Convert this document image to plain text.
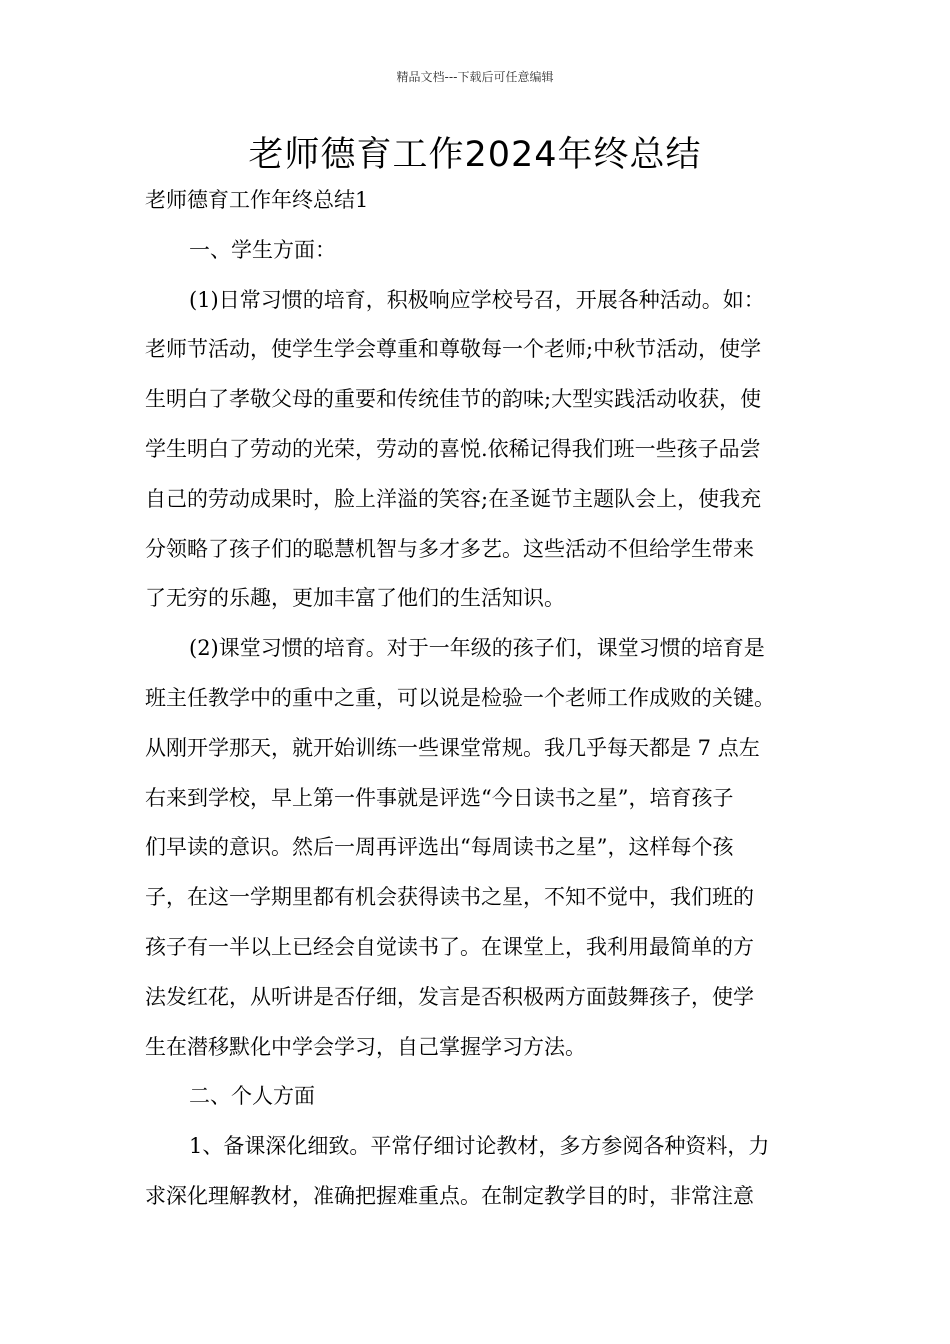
精品文档---下载后可任意编辑
老师德育工作2024年终总结

老师德育工作年终总结1

一、学生方面：

(1)日常习惯的培育，积极响应学校号召，开展各种活动。如：

老师节活动，使学生学会尊重和尊敬每一个老师;中秋节活动，使学

生明白了孝敬父母的重要和传统佳节的韵味;大型实践活动收获，使

学生明白了劳动的光荣，劳动的喜悦.依稀记得我们班一些孩子品尝

自己的劳动成果时，脸上洋溢的笑容;在圣诞节主题队会上，使我充

分领略了孩子们的聪慧机智与多才多艺。这些活动不但给学生带来

了无穷的乐趣，更加丰富了他们的生活知识。

(2)课堂习惯的培育。对于一年级的孩子们，课堂习惯的培育是

班主任教学中的重中之重，可以说是检验一个老师工作成败的关键。

从刚开学那天，就开始训练一些课堂常规。我几乎每天都是 7 点左

右来到学校，早上第一件事就是评选“今日读书之星”，培育孩子

们早读的意识。然后一周再评选出“每周读书之星”，这样每个孩

子，在这一学期里都有机会获得读书之星，不知不觉中，我们班的

孩子有一半以上已经会自觉读书了。在课堂上，我利用最简单的方

法发红花，从听讲是否仔细，发言是否积极两方面鼓舞孩子，使学

生在潜移默化中学会学习，自己掌握学习方法。

二、个人方面

1、备课深化细致。平常仔细讨论教材，多方参阅各种资料，力

求深化理解教材，准确把握难重点。在制定教学目的时，非常注意
